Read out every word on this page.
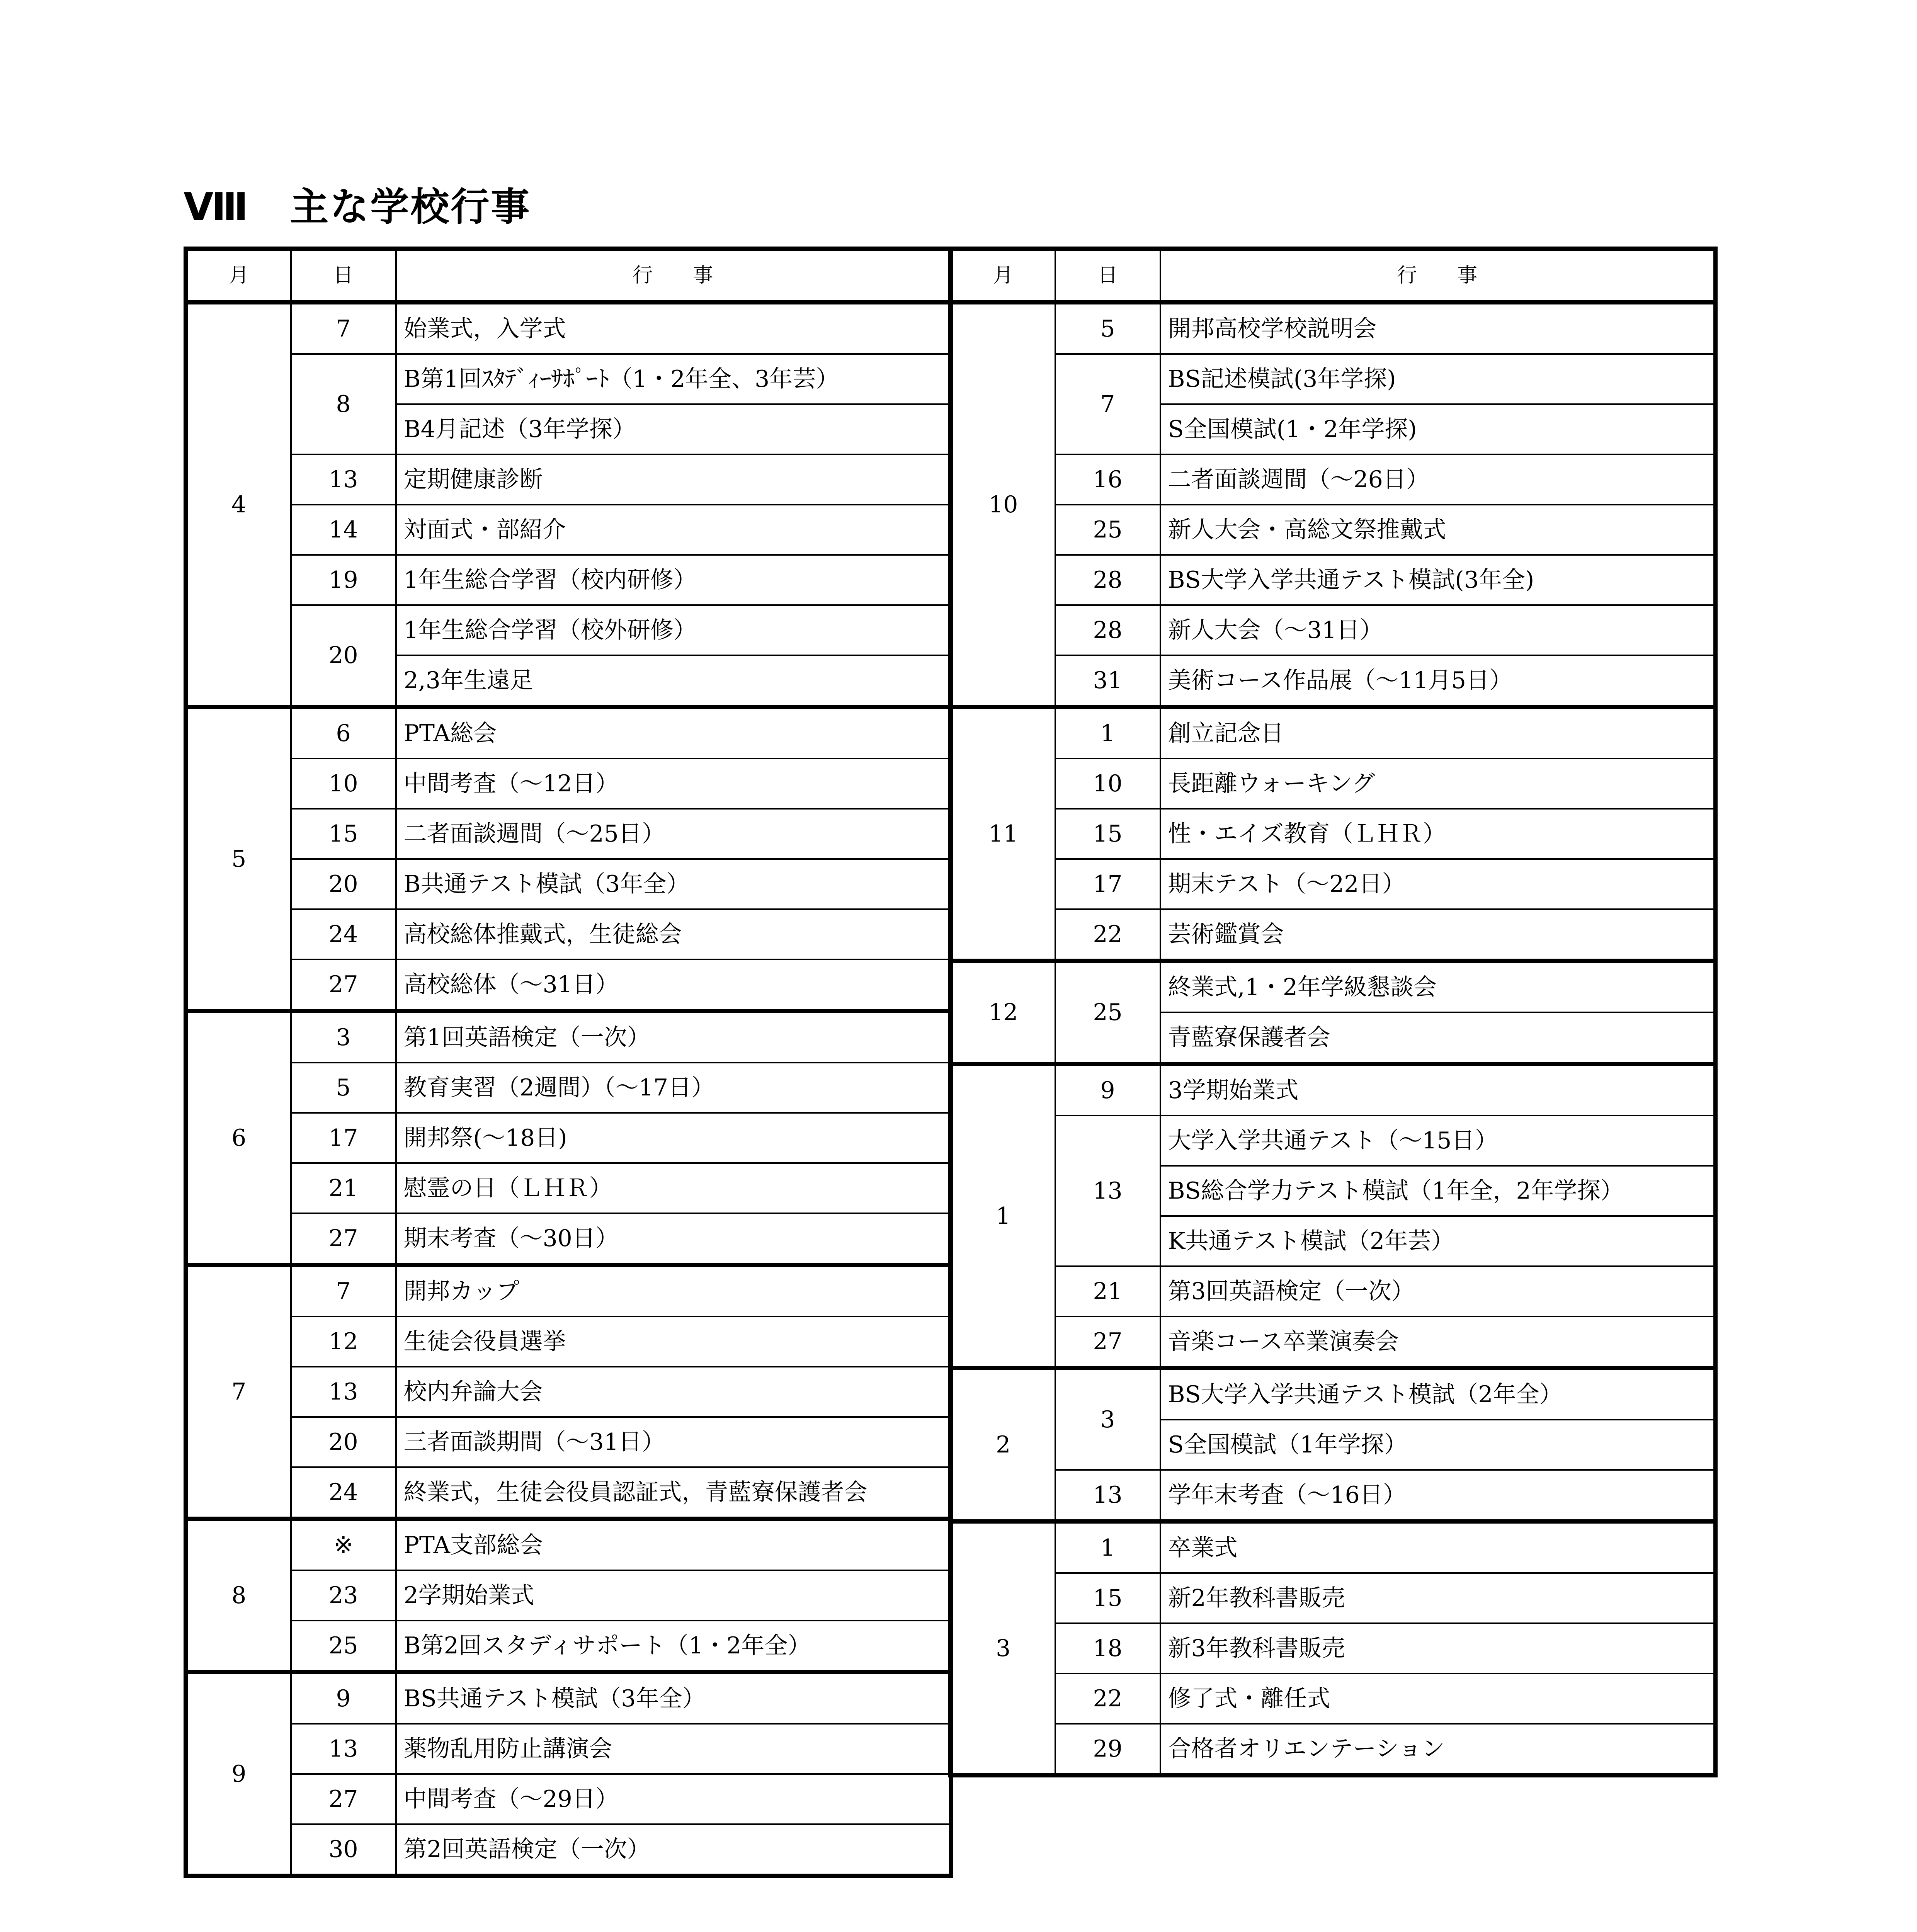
Ⅷ　主な学校行事
月	日	行　　事
4	7	始業式，入学式
	8	B第1回ｽﾀﾃﾞｨｰｻﾎﾟｰﾄ（1・2年全、3年芸）
		B4月記述（3年学探）
	13	定期健康診断
	14	対面式・部紹介
	19	1年生総合学習（校内研修）
	20	1年生総合学習（校外研修）
		2,3年生遠足
5	6	PTA総会
	10	中間考査（～12日）
	15	二者面談週間（～25日）
	20	B共通テスト模試（3年全）
	24	高校総体推戴式，生徒総会
	27	高校総体（～31日）
6	3	第1回英語検定（一次）
	5	教育実習（2週間）（～17日）
	17	開邦祭(～18日)
	21	慰霊の日（ＬＨＲ）
	27	期末考査（～30日）
7	7	開邦カップ
	12	生徒会役員選挙
	13	校内弁論大会
	20	三者面談期間（～31日）
	24	終業式，生徒会役員認証式，青藍寮保護者会
8	※	PTA支部総会
	23	2学期始業式
	25	B第2回スタディサポート（1・2年全）
9	9	BS共通テスト模試（3年全）
	13	薬物乱用防止講演会
	27	中間考査（～29日）
	30	第2回英語検定（一次）
月	日	行　　事
10	5	開邦高校学校説明会
	7	BS記述模試(3年学探)
		S全国模試(1・2年学探)
	16	二者面談週間（～26日）
	25	新人大会・高総文祭推戴式
	28	BS大学入学共通テスト模試(3年全)
	28	新人大会（～31日）
	31	美術コース作品展（～11月5日）
11	1	創立記念日
	10	長距離ウォーキング
	15	性・エイズ教育（ＬＨＲ）
	17	期末テスト（～22日）
	22	芸術鑑賞会
12	25	終業式,1・2年学級懇談会
		青藍寮保護者会
1	9	3学期始業式
	13	大学入学共通テスト（～15日）
		BS総合学力テスト模試（1年全，2年学探）
		K共通テスト模試（2年芸）
	21	第3回英語検定（一次）
	27	音楽コース卒業演奏会
2	3	BS大学入学共通テスト模試（2年全）
		S全国模試（1年学探）
	13	学年末考査（～16日）
3	1	卒業式
	15	新2年教科書販売
	18	新3年教科書販売
	22	修了式・離任式
	29	合格者オリエンテーション
